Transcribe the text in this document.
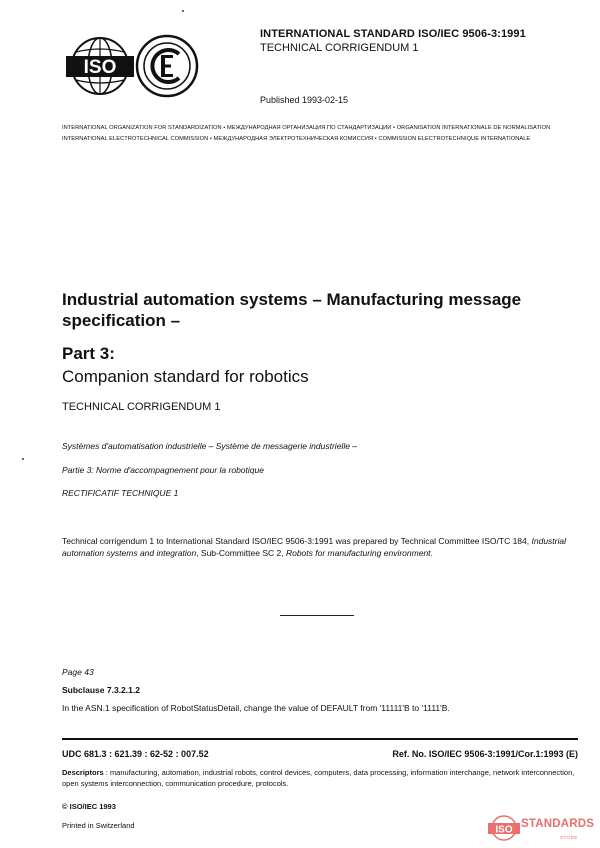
ISO
IEC
INTERNATIONAL STANDARD ISO/IEC 9506-3:1991
TECHNICAL CORRIGENDUM 1
Published 1993-02-15
INTERNATIONAL ORGANIZATION FOR STANDARDIZATION • МЕЖДУНАРОДНАЯ ОРГАНИЗАЦИЯ ПО СТАНДАРТИЗАЦИИ • ORGANISATION INTERNATIONALE DE NORMALISATION
INTERNATIONAL ELECTROTECHNICAL COMMISSION • МЕЖДУНАРОДНАЯ ЭЛЕКТРОТЕХНИЧЕСКАЯ КОМИССИЯ • COMMISSION ELECTROTECHNIQUE INTERNATIONALE
Industrial automation systems – Manufacturing message specification –
Part 3:
Companion standard for robotics
TECHNICAL CORRIGENDUM 1
Systèmes d'automatisation industrielle – Système de messagerie industrielle –
Partie 3: Norme d'accompagnement pour la robotique
RECTIFICATIF TECHNIQUE 1
Technical corrigendum 1 to International Standard ISO/IEC 9506-3:1991 was prepared by Technical Committee ISO/TC 184, Industrial automation systems and integration, Sub-Committee SC 2, Robots for manufacturing environment.
Page 43
Subclause 7.3.2.1.2
In the ASN.1 specification of RobotStatusDetail, change the value of DEFAULT from '11111'B to '1111'B.
UDC 681.3 : 621.39 : 62-52 : 007.52	Ref. No. ISO/IEC 9506-3:1991/Cor.1:1993 (E)
Descriptors : manufacturing, automation, industrial robots, control devices, computers, data processing, information interchange, network interconnection, open systems interconnection, communication procedure, protocols.
© ISO/IEC 1993
Printed in Switzerland	ISO STANDARDS
STORE
